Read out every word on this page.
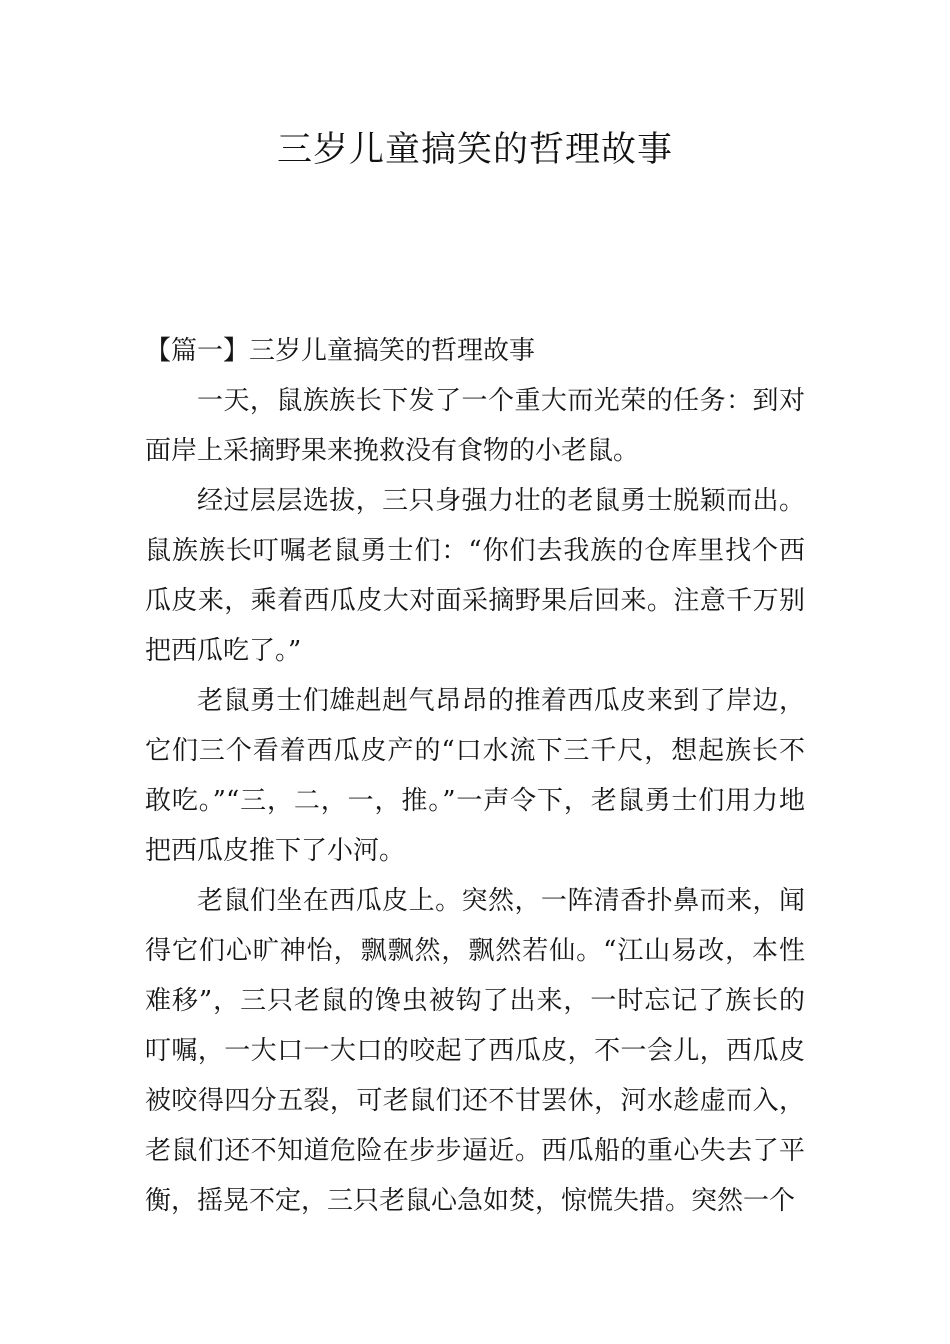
三岁儿童搞笑的哲理故事

【篇一】三岁儿童搞笑的哲理故事

一天，鼠族族长下发了一个重大而光荣的任务：到对面岸上采摘野果来挽救没有食物的小老鼠。

经过层层选拔，三只身强力壮的老鼠勇士脱颖而出。鼠族族长叮嘱老鼠勇士们：“你们去我族的仓库里找个西瓜皮来，乘着西瓜皮大对面采摘野果后回来。注意千万别把西瓜吃了。”

老鼠勇士们雄赳赳气昂昂的推着西瓜皮来到了岸边，它们三个看着西瓜皮产的“口水流下三千尺，想起族长不敢吃。”“三，二，一，推。”一声令下，老鼠勇士们用力地把西瓜皮推下了小河。

老鼠们坐在西瓜皮上。突然，一阵清香扑鼻而来，闻得它们心旷神怡，飘飘然，飘然若仙。“江山易改，本性难移”，三只老鼠的馋虫被钩了出来，一时忘记了族长的叮嘱，一大口一大口的咬起了西瓜皮，不一会儿，西瓜皮被咬得四分五裂，可老鼠们还不甘罢休，河水趁虚而入，老鼠们还不知道危险在步步逼近。西瓜船的重心失去了平衡，摇晃不定，三只老鼠心急如焚，惊慌失措。突然一个
